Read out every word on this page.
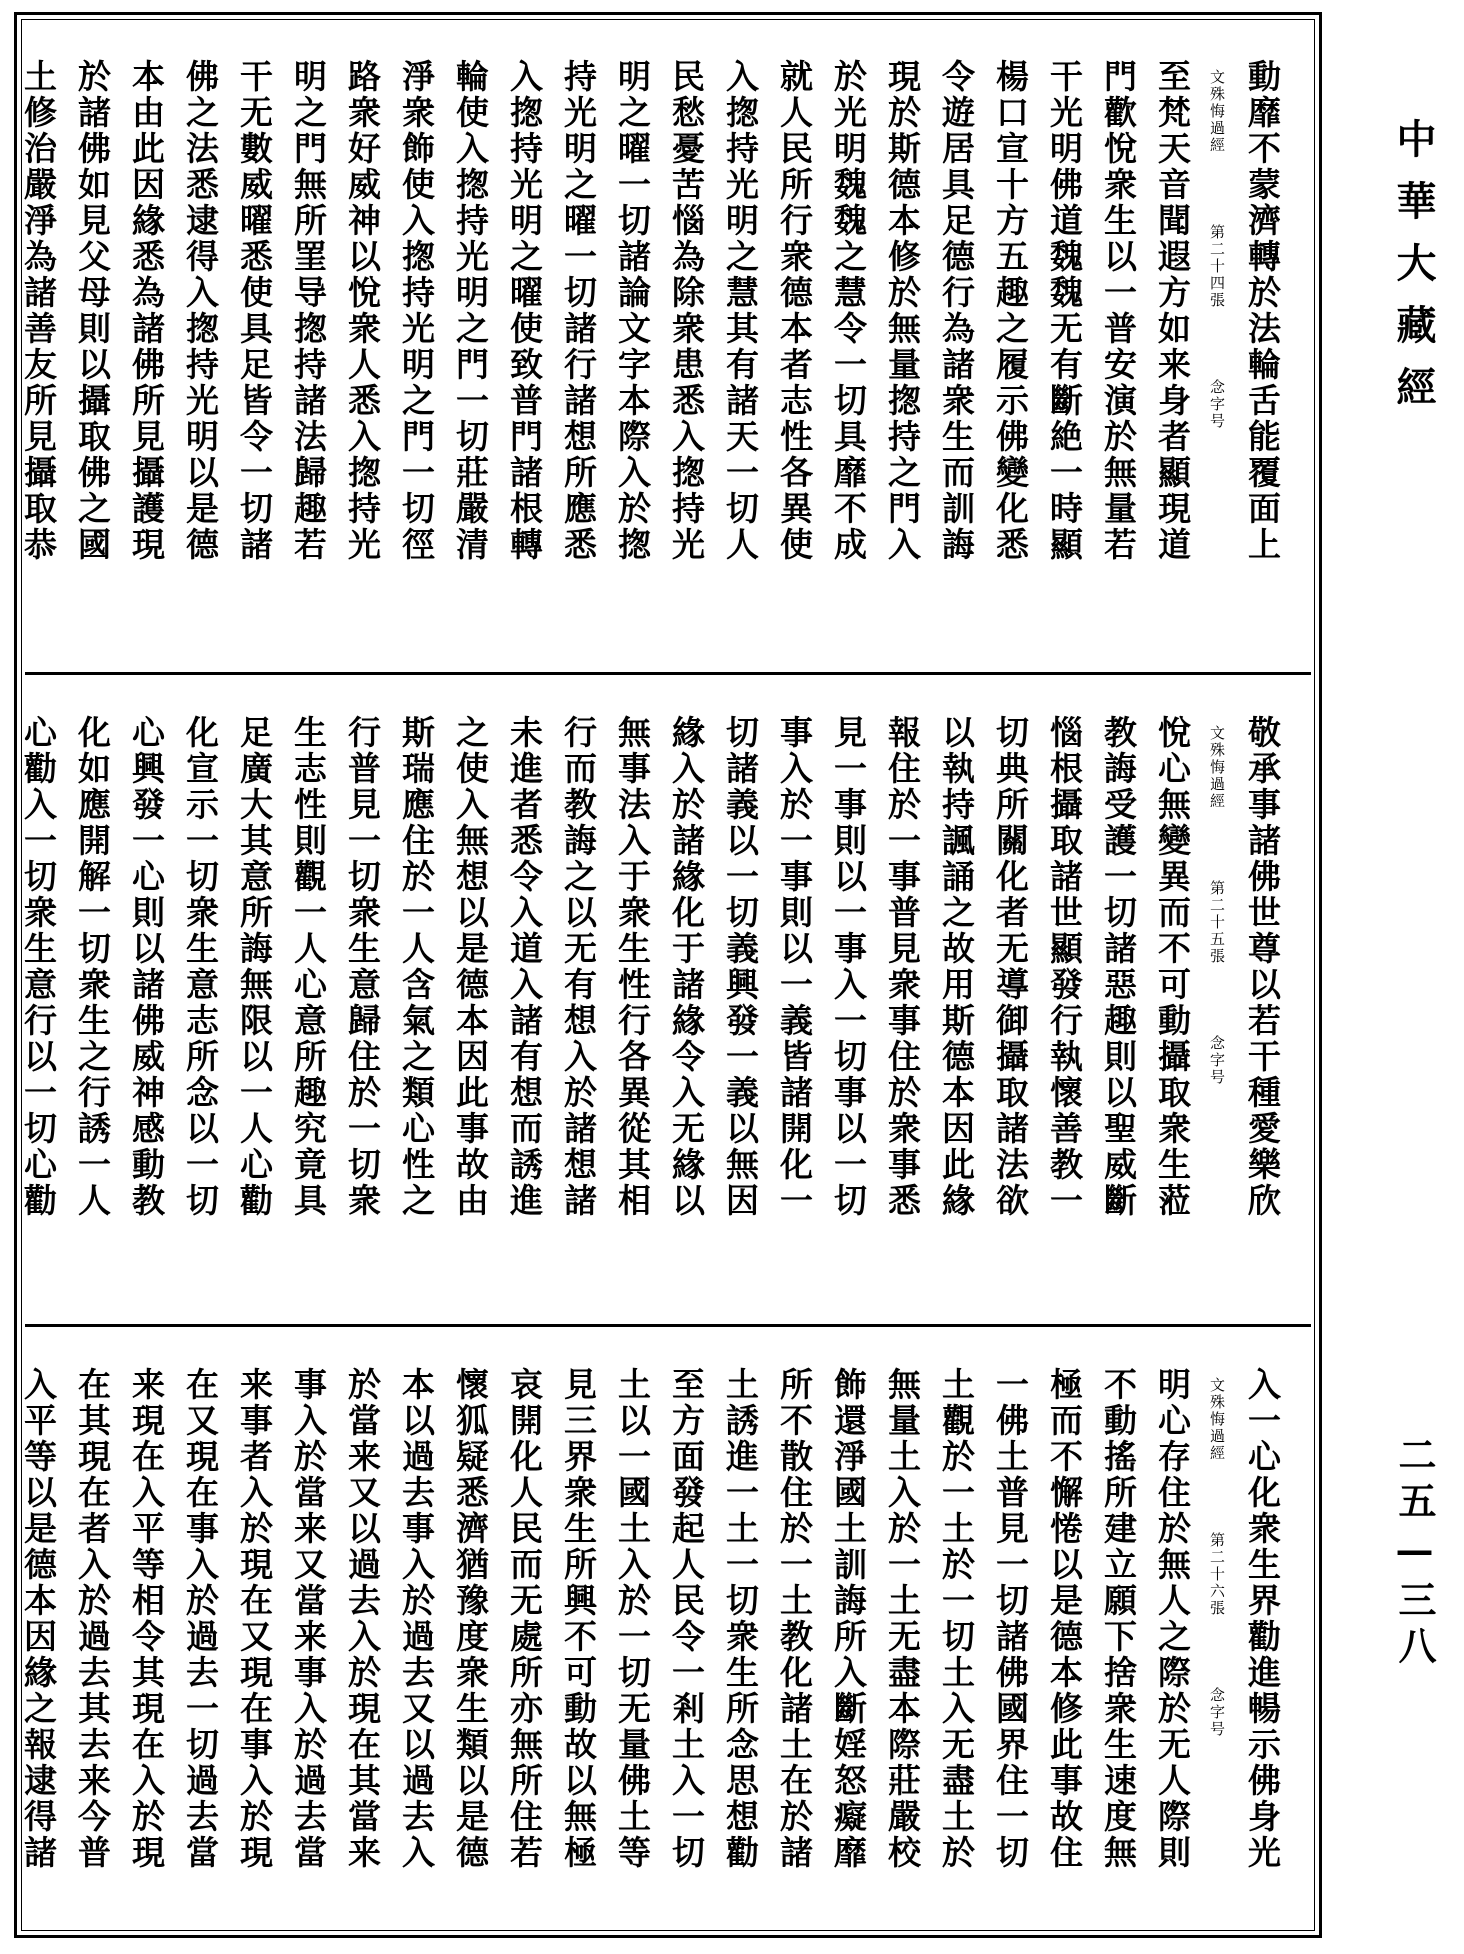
動靡不蒙濟轉於法輪舌能覆面上
文殊悔過經第二十四張念字号
至梵天音聞遐方如来身者顯現道
門歡悅衆生以一普安演於無量若
干光明佛道魏魏无有斷絶一時顯
楊口宣十方五趣之履示佛變化悉
令遊居具足德行為諸衆生而訓誨
現於斯德本修於無量揔持之門入
於光明魏魏之慧令一切具靡不成
就人民所行衆德本者志性各異使
入揔持光明之慧其有諸天一切人
民愁憂苦惱為除衆患悉入揔持光
明之曜一切諸論文字本際入於揔
持光明之曜一切諸行諸想所應悉
入揔持光明之曜使致普門諸根轉
輪使入揔持光明之門一切莊嚴清
淨衆飾使入揔持光明之門一切徑
路衆好威神以悅衆人悉入揔持光
明之門無所罣导揔持諸法歸趣若
干无數威曜悉使具足皆令一切諸
佛之法悉逮得入揔持光明以是德
本由此因緣悉為諸佛所見攝護現
於諸佛如見父母則以攝取佛之國
土修治嚴淨為諸善友所見攝取恭
敬承事諸佛世尊以若干種愛樂欣
文殊悔過經第二十五張念字号
悅心無變異而不可動攝取衆生蒞
教誨受護一切諸惡趣則以聖威斷
惱根攝取諸世顯發行執懷善教一
切典所關化者无導御攝取諸法欲
以執持諷誦之故用斯德本因此緣
報住於一事普見衆事住於衆事悉
見一事則以一事入一切事以一切
事入於一事則以一義皆諸開化一
切諸義以一切義興發一義以無因
緣入於諸緣化于諸緣令入无緣以
無事法入于衆生性行各異從其相
行而教誨之以无有想入於諸想諸
未進者悉令入道入諸有想而誘進
之使入無想以是德本因此事故由
斯瑞應住於一人含氣之類心性之
行普見一切衆生意歸住於一切衆
生志性則觀一人心意所趣究竟具
足廣大其意所誨無限以一人心勸
化宣示一切衆生意志所念以一切
心興發一心則以諸佛威神感動教
化如應開解一切衆生之行誘一人
心勸入一切衆生意行以一切心勸
入一心化衆生界勸進暢示佛身光
文殊悔過經第二十六張念字号
明心存住於無人之際於无人際則
不動搖所建立願下捨衆生速度無
極而不懈惓以是德本修此事故住
一佛土普見一切諸佛國界住一切
土觀於一土於一切土入无盡土於
無量土入於一土无盡本際莊嚴校
飾還淨國土訓誨所入斷婬怒癡靡
所不散住於一土教化諸土在於諸
土誘進一土一切衆生所念思想勸
至方面發起人民令一剎土入一切
土以一國土入於一切无量佛土等
見三界衆生所興不可動故以無極
哀開化人民而无處所亦無所住若
懷狐疑悉濟猶豫度衆生類以是德
本以過去事入於過去又以過去入
於當来又以過去入於現在其當来
事入於當来又當来事入於過去當
来事者入於現在又現在事入於現
在又現在事入於過去一切過去當
来現在入平等相令其現在入於現
在其現在者入於過去其去来今普
入平等以是德本因緣之報逮得諸
中華大藏經
二五—三八
